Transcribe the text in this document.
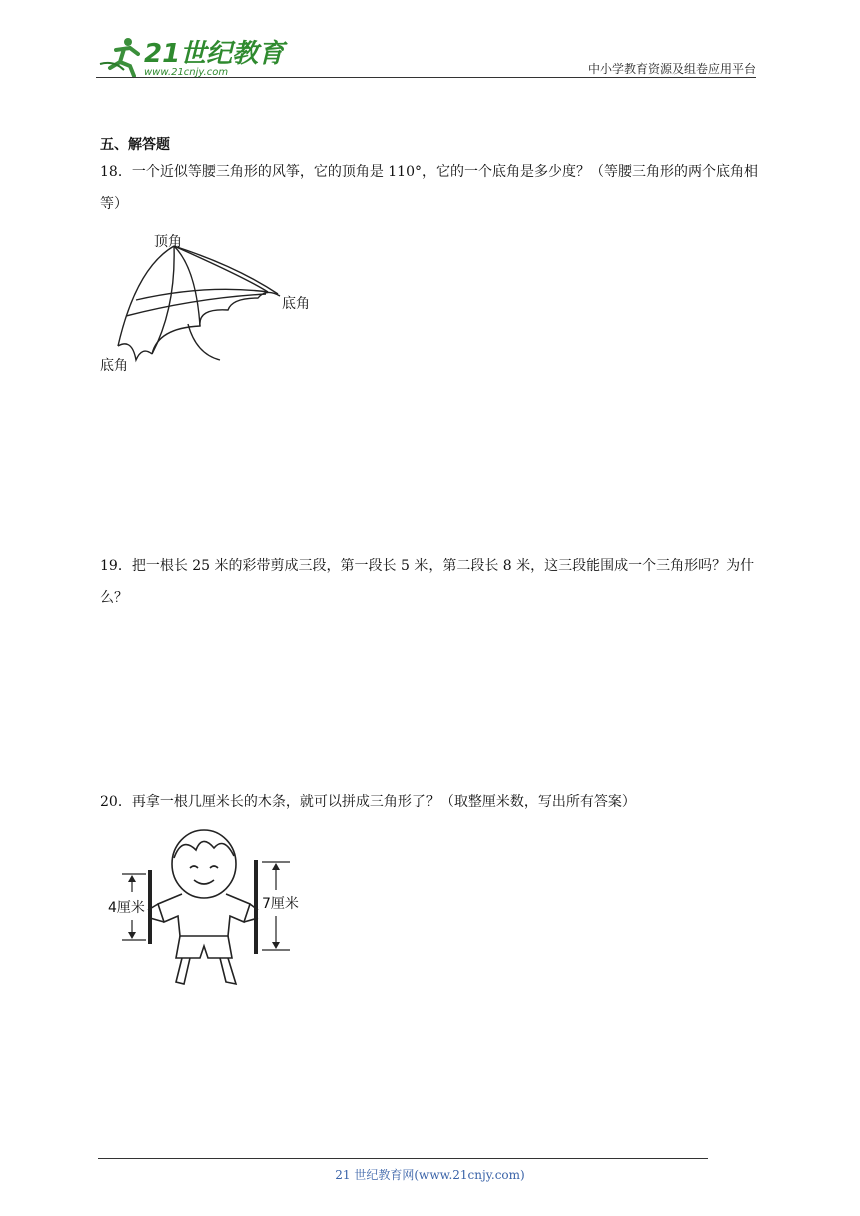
21世纪教育
www.21cnjy.com	中小学教育资源及组卷应用平台
五、解答题
18．一个近似等腰三角形的风筝，它的顶角是 110°，它的一个底角是多少度？（等腰三角形的两个底角相等）
顶角
底角
底角
19．把一根长 25 米的彩带剪成三段，第一段长 5 米，第二段长 8 米，这三段能围成一个三角形吗？为什么？
20．再拿一根几厘米长的木条，就可以拼成三角形了？（取整厘米数，写出所有答案）
4厘米	7厘米
21 世纪教育网(www.21cnjy.com)
